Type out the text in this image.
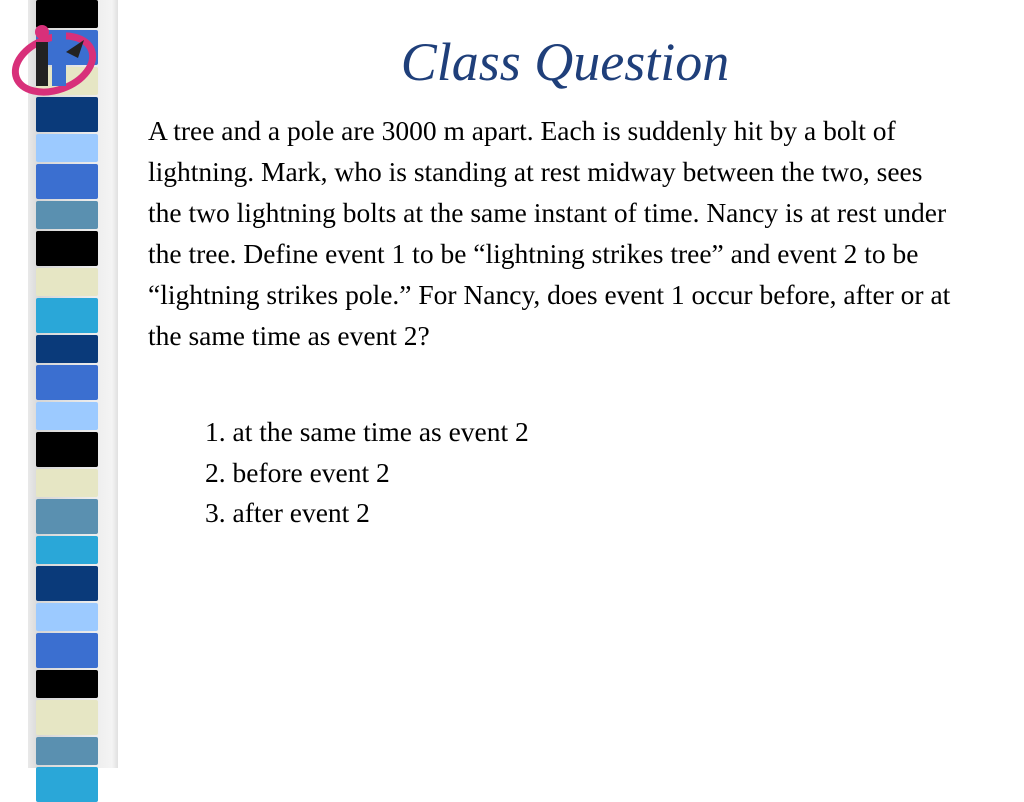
Class Question
A tree and a pole are 3000 m apart. Each is suddenly hit by a bolt of lightning. Mark, who is standing at rest midway between the two, sees the two lightning bolts at the same instant of time. Nancy is at rest under the tree. Define event 1 to be “lightning strikes tree” and event 2 to be “lightning strikes pole.” For Nancy, does event 1 occur before, after or at the same time as event 2?
1. at the same time as event 2
2. before event 2
3. after event 2
